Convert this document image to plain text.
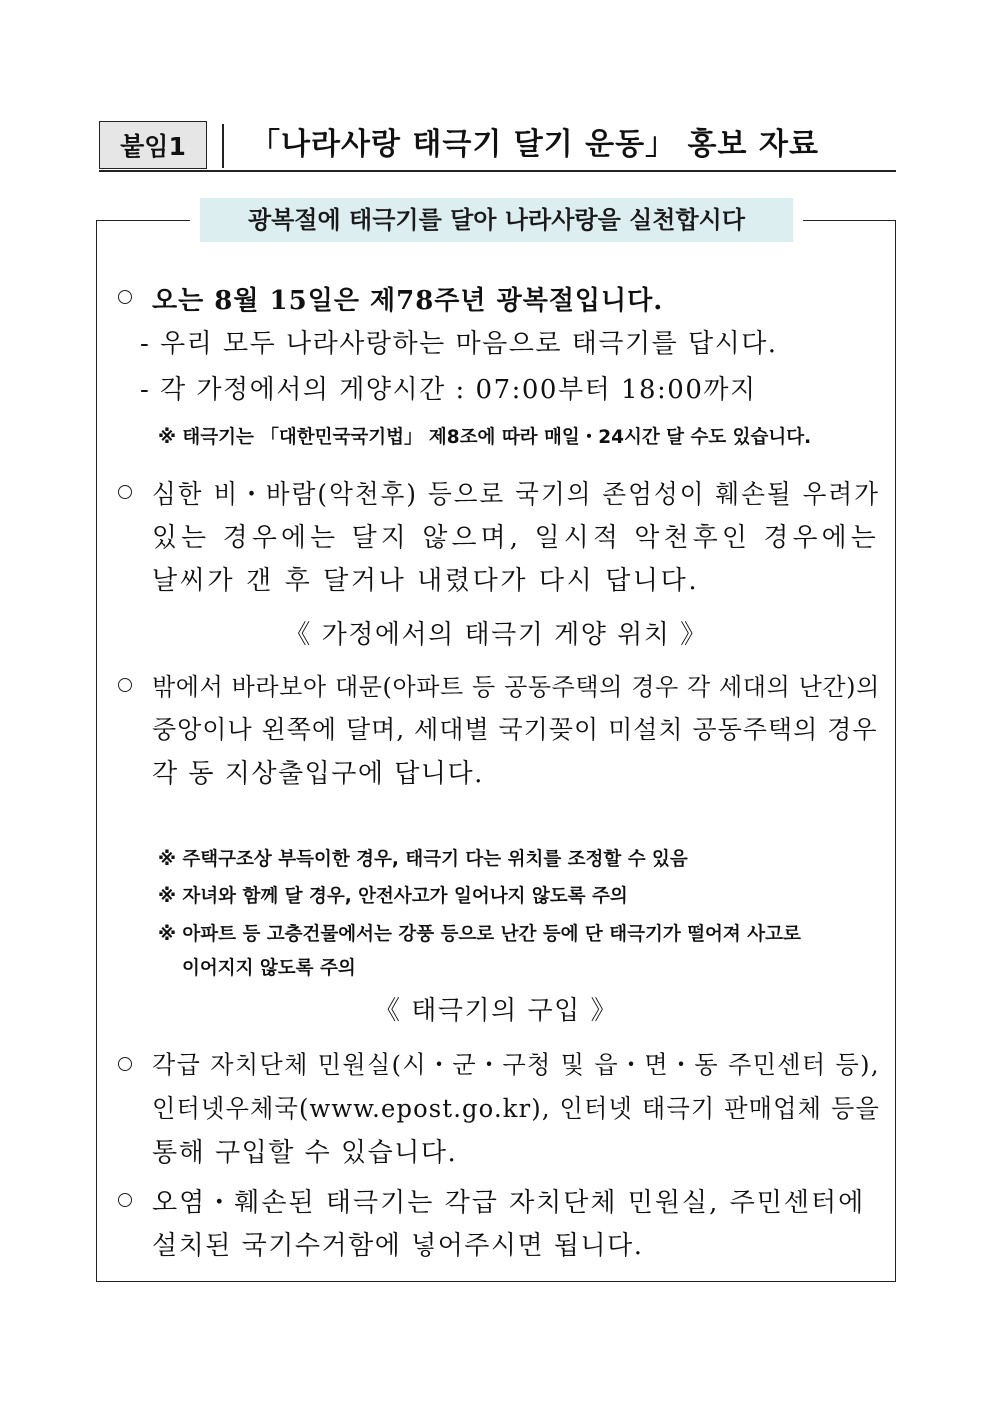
붙임1	「나라사랑 태극기 달기 운동」 홍보 자료
광복절에 태극기를 달아 나라사랑을 실천합시다
오는 8월 15일은 제78주년 광복절입니다.
- 우리 모두 나라사랑하는 마음으로 태극기를 답시다.
- 각 가정에서의 게양시간 : 07:00부터 18:00까지
※ 태극기는 「대한민국국기법」 제8조에 따라 매일・24시간 달 수도 있습니다.
심한 비・바람(악천후) 등으로 국기의 존엄성이 훼손될 우려가
있는 경우에는 달지 않으며, 일시적 악천후인 경우에는
날씨가 갠 후 달거나 내렸다가 다시 답니다.
《 가정에서의 태극기 게양 위치 》
밖에서 바라보아 대문(아파트 등 공동주택의 경우 각 세대의 난간)의
중앙이나 왼쪽에 달며, 세대별 국기꽂이 미설치 공동주택의 경우
각 동 지상출입구에 답니다.
※ 주택구조상 부득이한 경우, 태극기 다는 위치를 조정할 수 있음
※ 자녀와 함께 달 경우, 안전사고가 일어나지 않도록 주의
※ 아파트 등 고층건물에서는 강풍 등으로 난간 등에 단 태극기가 떨어져 사고로
이어지지 않도록 주의
《 태극기의 구입 》
각급 자치단체 민원실(시・군・구청 및 읍・면・동 주민센터 등),
인터넷우체국(www.epost.go.kr), 인터넷 태극기 판매업체 등을
통해 구입할 수 있습니다.
오염・훼손된 태극기는 각급 자치단체 민원실, 주민센터에
설치된 국기수거함에 넣어주시면 됩니다.
